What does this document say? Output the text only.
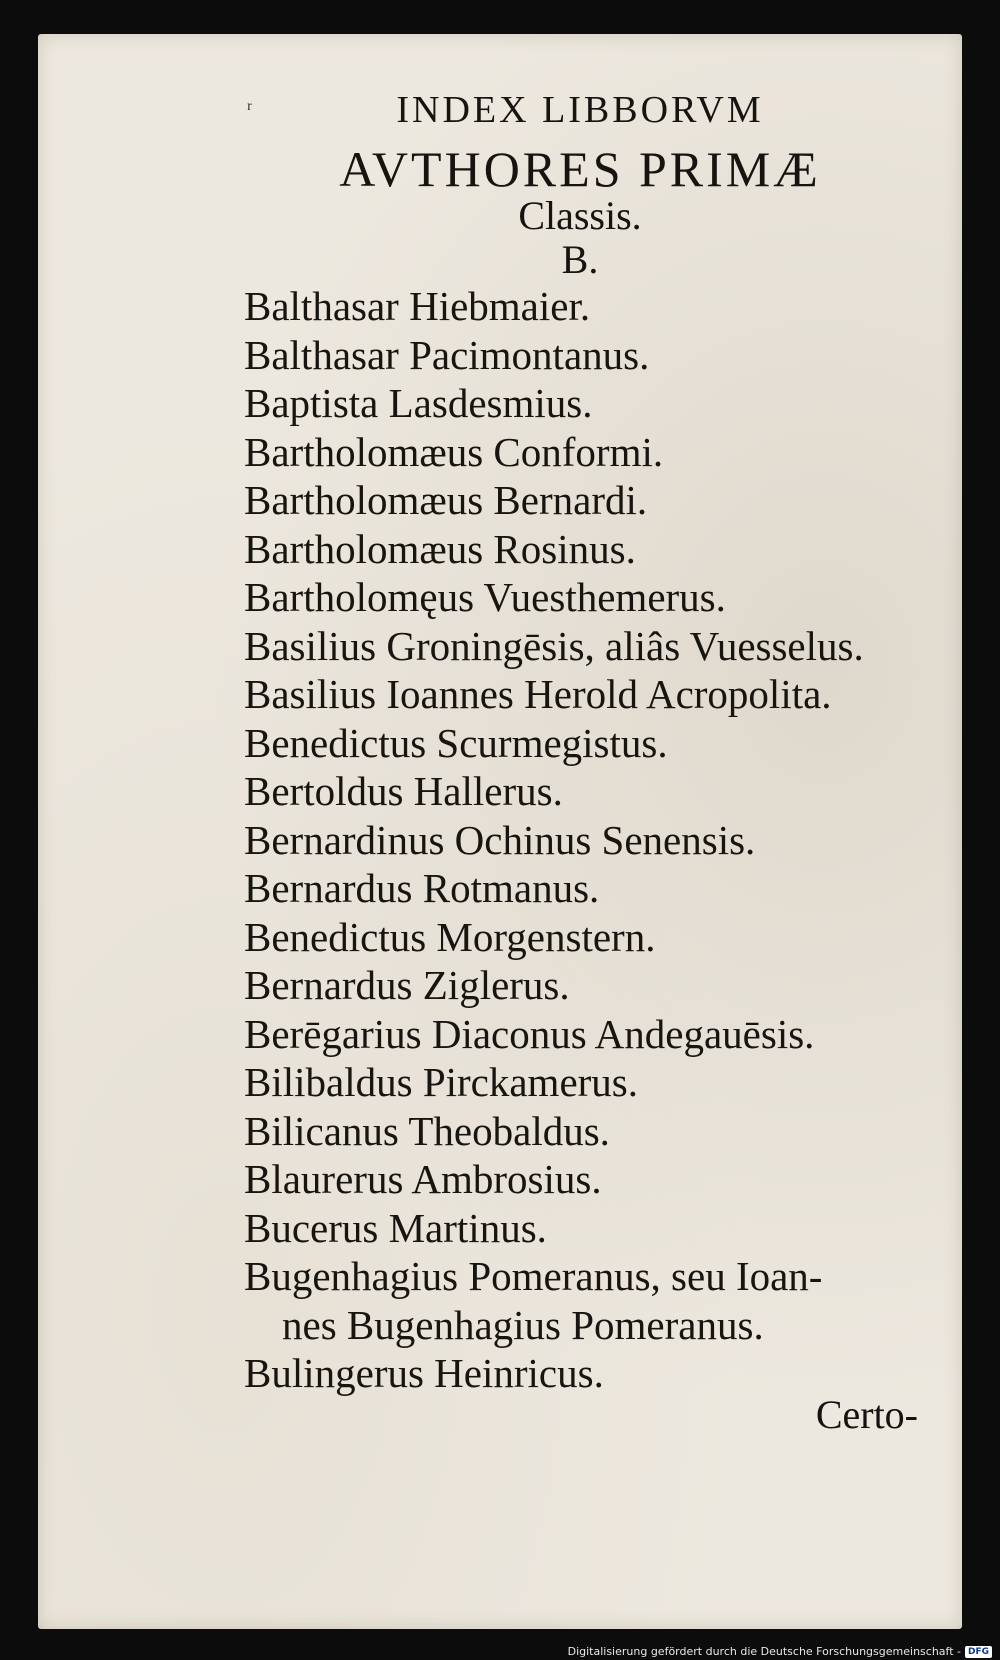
ʳ	INDEX LIBBORVM
AVTHORES PRIMÆ
Classis.
B.
Balthasar Hiebmaier.
Balthasar Pacimontanus.
Baptista Lasdesmius.
Bartholomæus Conformi.
Bartholomæus Bernardi.
Bartholomæus Rosinus.
Bartholomęus Vuesthemerus.
Basilius Groningēsis, aliâs Vuesselus.
Basilius Ioannes Herold Acropolita.
Benedictus Scurmegistus.
Bertoldus Hallerus.
Bernardinus Ochinus Senensis.
Bernardus Rotmanus.
Benedictus Morgenstern.
Bernardus Ziglerus.
Berēgarius Diaconus Andegauēsis.
Bilibaldus Pirckamerus.
Bilicanus Theobaldus.
Blaurerus Ambrosius.
Bucerus Martinus.
Bugenhagius Pomeranus, seu Ioan-
nes Bugenhagius Pomeranus.
Bulingerus Heinricus.
Certo-
Digitalisierung gefördert durch die Deutsche Forschungsgemeinschaft - DFG
